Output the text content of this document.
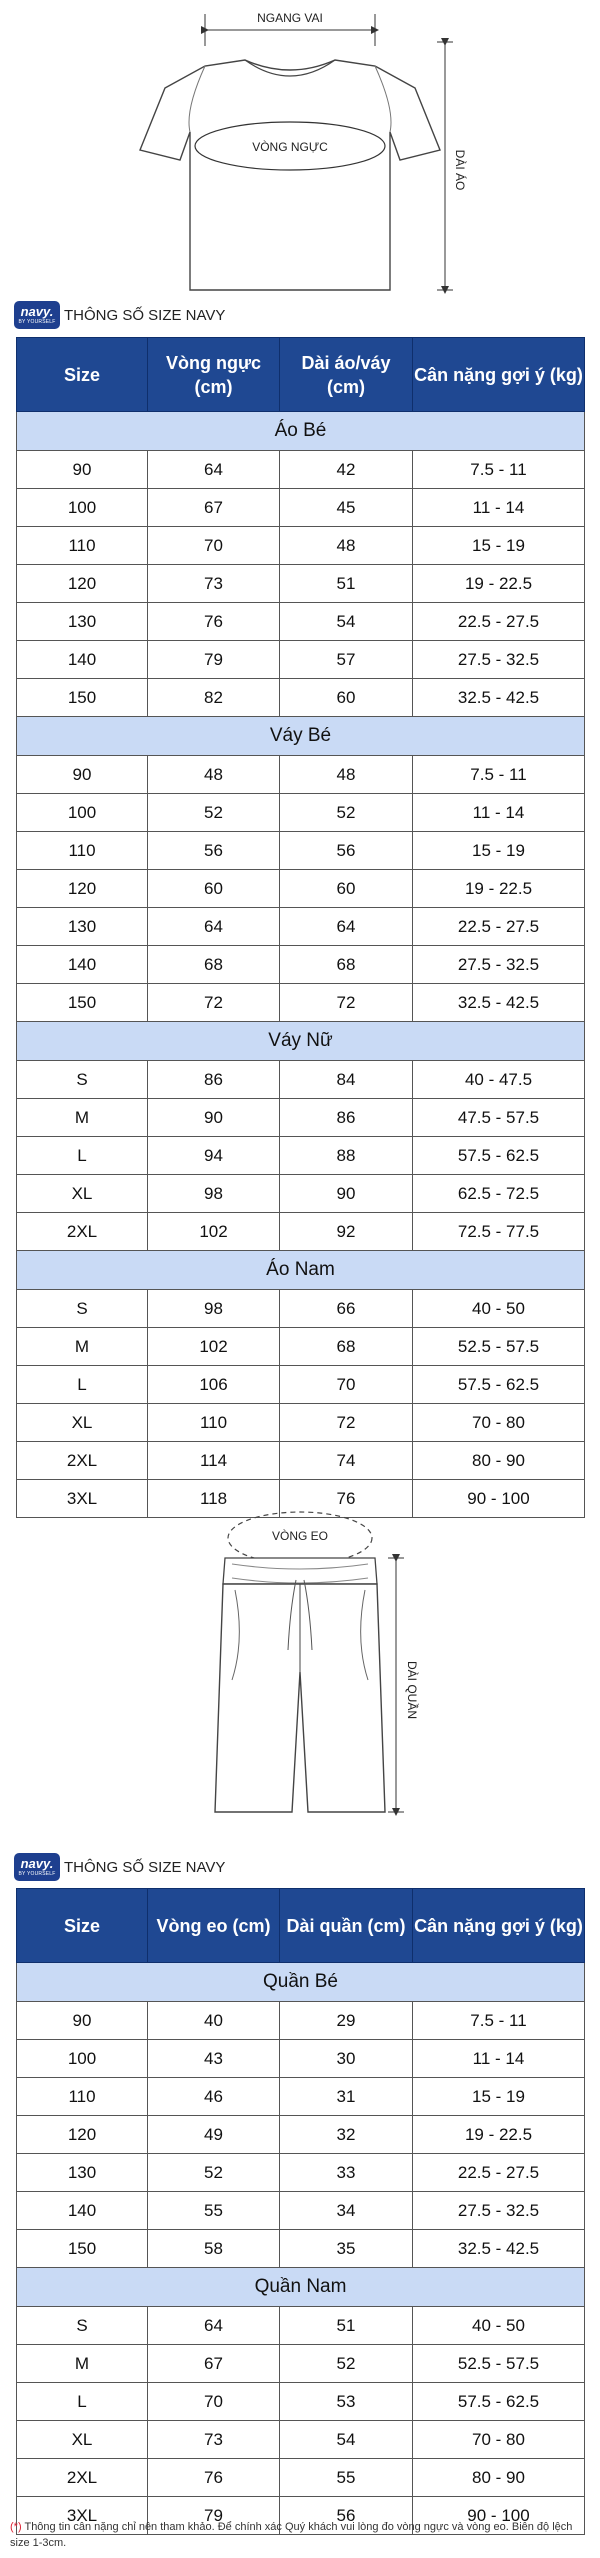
NGANG VAI
VÒNG NGỰC
DÀI ÁO
navy.
BY YOURSELF THÔNG SỐ SIZE NAVY
Size	Vòng ngực (cm)	Dài áo/váy (cm)	Cân nặng gợi ý (kg)
Áo Bé			
90	64	42	7.5 - 11
100	67	45	11 - 14
110	70	48	15 - 19
120	73	51	19 - 22.5
130	76	54	22.5 - 27.5
140	79	57	27.5 - 32.5
150	82	60	32.5 - 42.5
Váy Bé			
90	48	48	7.5 - 11
100	52	52	11 - 14
110	56	56	15 - 19
120	60	60	19 - 22.5
130	64	64	22.5 - 27.5
140	68	68	27.5 - 32.5
150	72	72	32.5 - 42.5
Váy Nữ			
S	86	84	40 - 47.5
M	90	86	47.5 - 57.5
L	94	88	57.5 - 62.5
XL	98	90	62.5 - 72.5
2XL	102	92	72.5 - 77.5
Áo Nam			
S	98	66	40 - 50
M	102	68	52.5 - 57.5
L	106	70	57.5 - 62.5
XL	110	72	70 - 80
2XL	114	74	80 - 90
3XL	118	76	90 - 100
VÒNG EO
DÀI QUẦN
navy.
BY YOURSELF THÔNG SỐ SIZE NAVY
Size	Vòng eo (cm)	Dài quần (cm)	Cân nặng gợi ý (kg)
Quần Bé			
90	40	29	7.5 - 11
100	43	30	11 - 14
110	46	31	15 - 19
120	49	32	19 - 22.5
130	52	33	22.5 - 27.5
140	55	34	27.5 - 32.5
150	58	35	32.5 - 42.5
Quần Nam			
S	64	51	40 - 50
M	67	52	52.5 - 57.5
L	70	53	57.5 - 62.5
XL	73	54	70 - 80
2XL	76	55	80 - 90
3XL	79	56	90 - 100
(*) Thông tin cân nặng chỉ nên tham khảo. Để chính xác Quý khách vui lòng đo vòng ngực và vòng eo. Biên độ lệch size 1-3cm.
